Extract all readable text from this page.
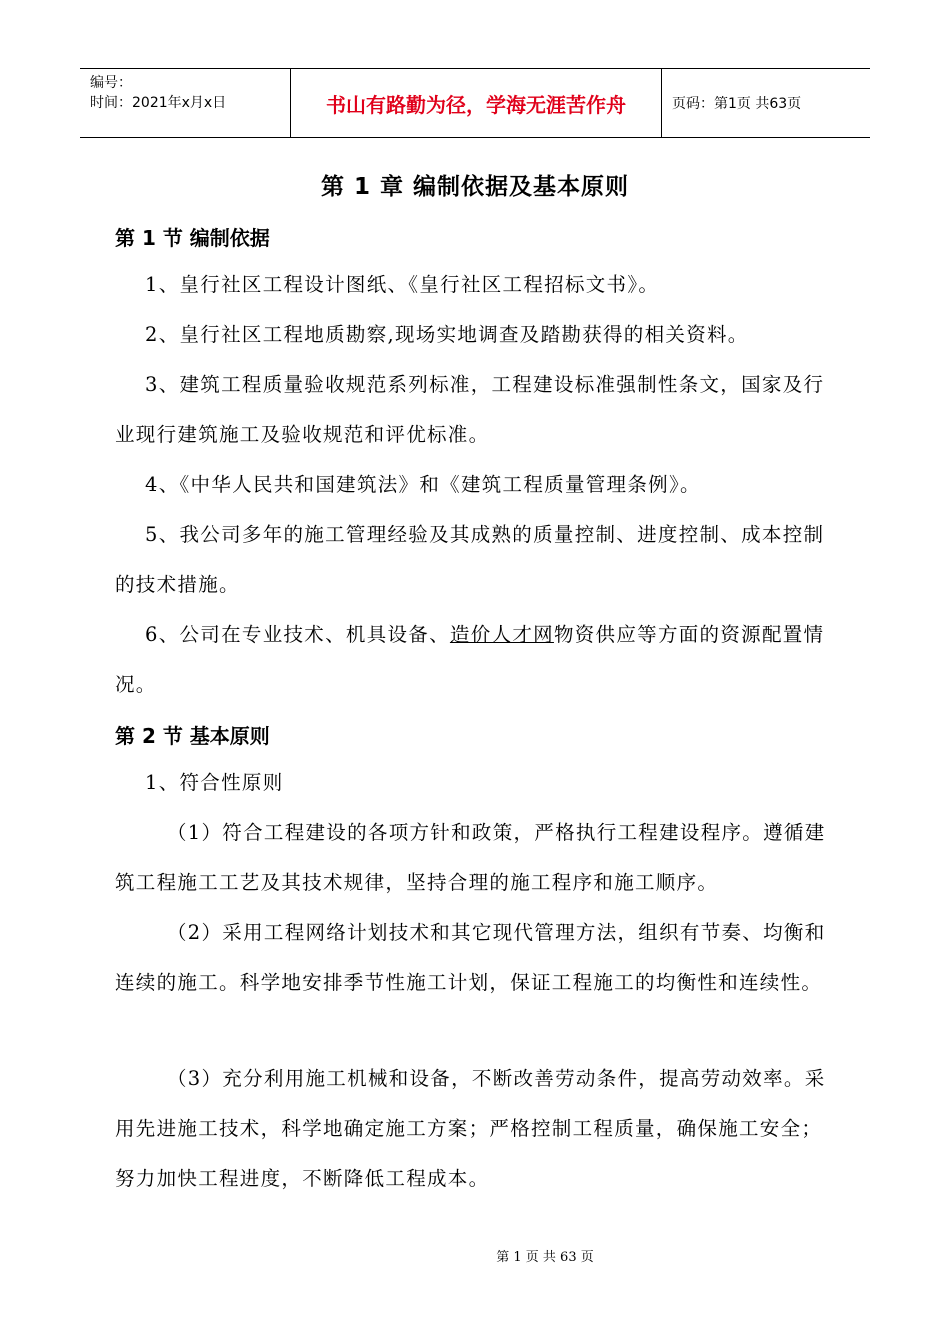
编号：
时间：2021年x月x日	书山有路勤为径，学海无涯苦作舟	页码：第1页 共63页
第 1 章 编制依据及基本原则
第 1 节 编制依据

1、皇行社区工程设计图纸、《皇行社区工程招标文书》。

2、皇行社区工程地质勘察,现场实地调查及踏勘获得的相关资料。

3、建筑工程质量验收规范系列标准，工程建设标准强制性条文，国家及行业现行建筑施工及验收规范和评优标准。

4、《中华人民共和国建筑法》和《建筑工程质量管理条例》。

5、我公司多年的施工管理经验及其成熟的质量控制、进度控制、成本控制的技术措施。

6、公司在专业技术、机具设备、造价人才网物资供应等方面的资源配置情况。

第 2 节 基本原则

1、符合性原则

（1）符合工程建设的各项方针和政策，严格执行工程建设程序。遵循建筑工程施工工艺及其技术规律，坚持合理的施工程序和施工顺序。

（2）采用工程网络计划技术和其它现代管理方法，组织有节奏、均衡和连续的施工。科学地安排季节性施工计划，保证工程施工的均衡性和连续性。

（3）充分利用施工机械和设备，不断改善劳动条件，提高劳动效率。采用先进施工技术，科学地确定施工方案；严格控制工程质量，确保施工安全；努力加快工程进度，不断降低工程成本。

第 1 页 共 63 页
